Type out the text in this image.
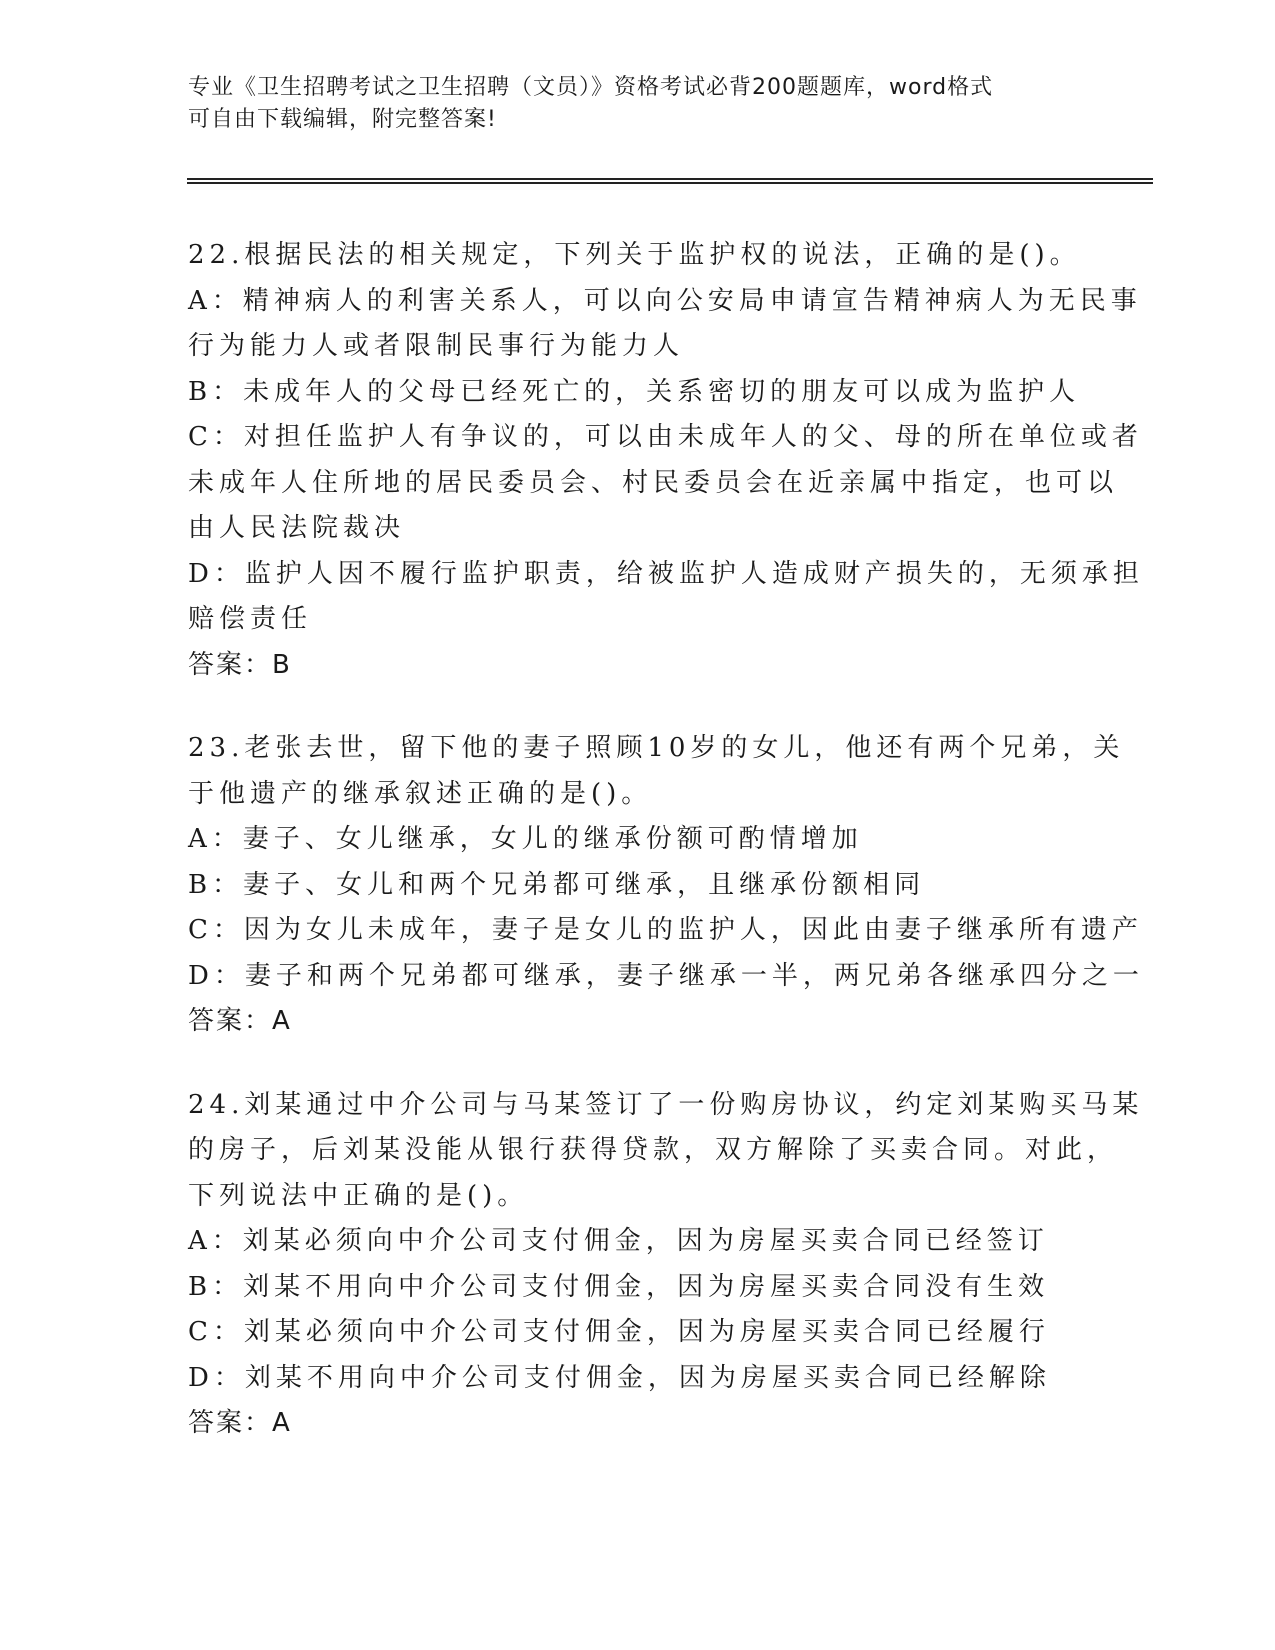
专业《卫生招聘考试之卫生招聘（文员）》资格考试必背200题题库，word格式
可自由下载编辑，附完整答案!
22.根据民法的相关规定，下列关于监护权的说法，正确的是()。
A：精神病人的利害关系人，可以向公安局申请宣告精神病人为无民事
行为能力人或者限制民事行为能力人
B：未成年人的父母已经死亡的，关系密切的朋友可以成为监护人
C：对担任监护人有争议的，可以由未成年人的父、母的所在单位或者
未成年人住所地的居民委员会、村民委员会在近亲属中指定，也可以
由人民法院裁决
D：监护人因不履行监护职责，给被监护人造成财产损失的，无须承担
赔偿责任
答案：B
23.老张去世，留下他的妻子照顾10岁的女儿，他还有两个兄弟，关
于他遗产的继承叙述正确的是()。
A：妻子、女儿继承，女儿的继承份额可酌情增加
B：妻子、女儿和两个兄弟都可继承，且继承份额相同
C：因为女儿未成年，妻子是女儿的监护人，因此由妻子继承所有遗产
D：妻子和两个兄弟都可继承，妻子继承一半，两兄弟各继承四分之一
答案：A
24.刘某通过中介公司与马某签订了一份购房协议，约定刘某购买马某
的房子，后刘某没能从银行获得贷款，双方解除了买卖合同。对此，
下列说法中正确的是()。
A：刘某必须向中介公司支付佣金，因为房屋买卖合同已经签订
B：刘某不用向中介公司支付佣金，因为房屋买卖合同没有生效
C：刘某必须向中介公司支付佣金，因为房屋买卖合同已经履行
D：刘某不用向中介公司支付佣金，因为房屋买卖合同已经解除
答案：A
